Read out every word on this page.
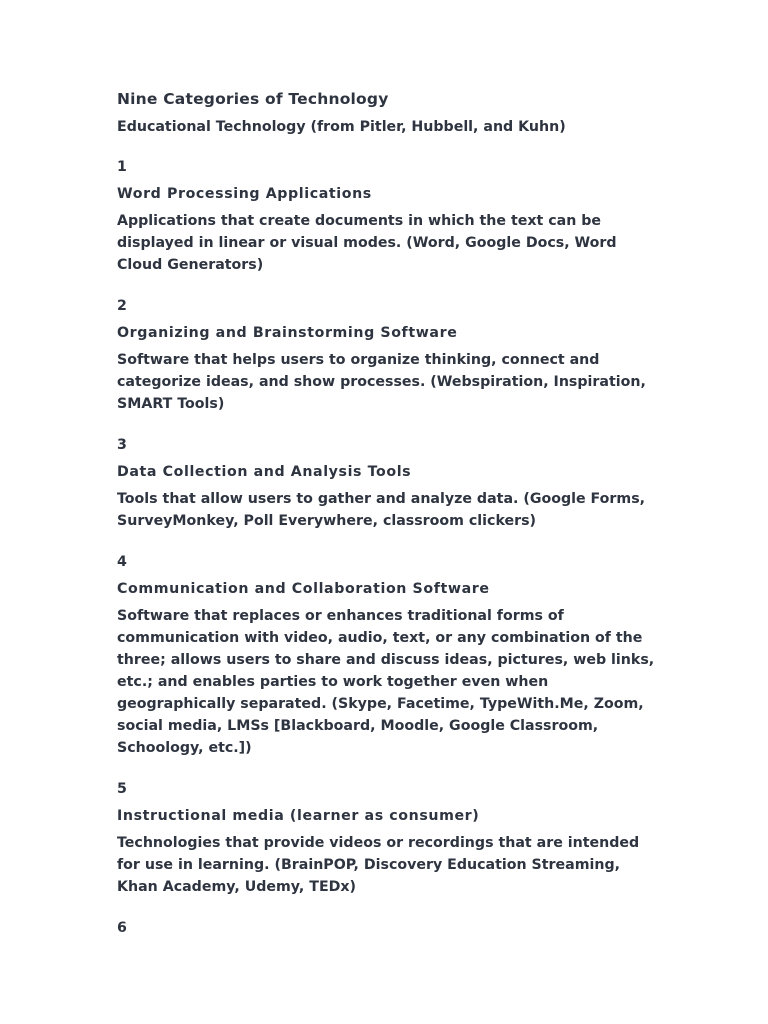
Nine Categories of Technology

Educational Technology (from Pitler, Hubbell, and Kuhn)

1

Word Processing Applications

Applications that create documents in which the text can be displayed in linear or visual modes. (Word, Google Docs, Word Cloud Generators)

2

Organizing and Brainstorming Software

Software that helps users to organize thinking, connect and categorize ideas, and show processes. (Webspiration, Inspiration, SMART Tools)

3

Data Collection and Analysis Tools

Tools that allow users to gather and analyze data. (Google Forms, SurveyMonkey, Poll Everywhere, classroom clickers)

4

Communication and Collaboration Software

Software that replaces or enhances traditional forms of communication with video, audio, text, or any combination of the three; allows users to share and discuss ideas, pictures, web links, etc.; and enables parties to work together even when geographically separated. (Skype, Facetime, TypeWith.Me, Zoom, social media, LMSs [Blackboard, Moodle, Google Classroom, Schoology, etc.])

5

Instructional media (learner as consumer)

Technologies that provide videos or recordings that are intended for use in learning. (BrainPOP, Discovery Education Streaming, Khan Academy, Udemy, TEDx)

6
